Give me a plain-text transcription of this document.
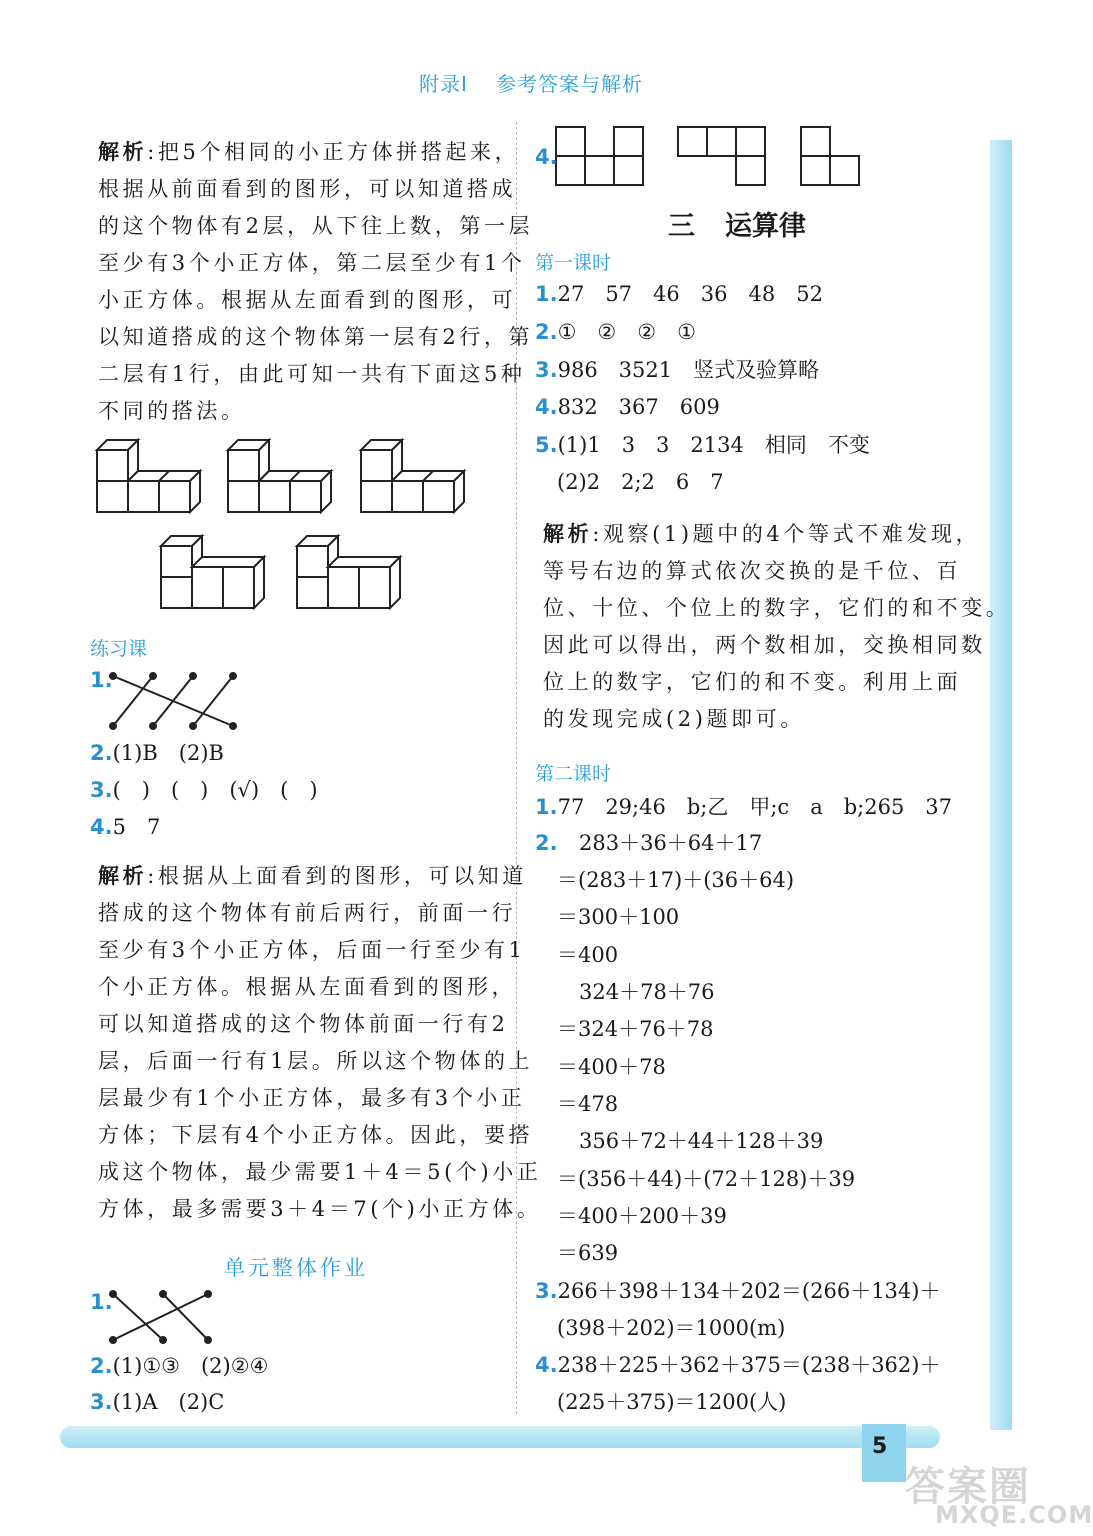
5
答案圈
MXQE.COM
附录Ⅰ 参考答案与解析
解析:把5个相同的小正方体拼搭起来，
根据从前面看到的图形，可以知道搭成
的这个物体有2层，从下往上数，第一层
至少有3个小正方体，第二层至少有1个
小正方体。根据从左面看到的图形，可
以知道搭成的这个物体第一层有2行，第
二层有1行，由此可知一共有下面这5种
不同的搭法。
练习课
1.
2.(1)B　(2)B
3.(　)　(　)　(√)　(　)
4.5　7
解析:根据从上面看到的图形，可以知道
搭成的这个物体有前后两行，前面一行
至少有3个小正方体，后面一行至少有1
个小正方体。根据从左面看到的图形，
可以知道搭成的这个物体前面一行有2
层，后面一行有1层。所以这个物体的上
层最少有1个小正方体，最多有3个小正
方体；下层有4个小正方体。因此，要搭
成这个物体，最少需要1＋4＝5(个)小正
方体，最多需要3＋4＝7(个)小正方体。
单元整体作业
1.
2.(1)①③　(2)②④
3.(1)A　(2)C
4.
三 运算律
第一课时
1.27　57　46　36　48　52
2.①　②　②　①
3.986　3521　竖式及验算略
4.832　367　609
5.(1)1　3　3　2134　相同　不变
(2)2　2;2　6　7
解析:观察(1)题中的4个等式不难发现，
等号右边的算式依次交换的是千位、百
位、十位、个位上的数字，它们的和不变。
因此可以得出，两个数相加，交换相同数
位上的数字，它们的和不变。利用上面
的发现完成(2)题即可。
第二课时
1.77　29;46　b;乙　甲;c　a　b;265　37
2. 283＋36＋64＋17
＝(283＋17)＋(36＋64)
＝300＋100
＝400
324＋78＋76
＝324＋76＋78
＝400＋78
＝478
356＋72＋44＋128＋39
＝(356＋44)＋(72＋128)＋39
＝400＋200＋39
＝639
3.266＋398＋134＋202＝(266＋134)＋
(398＋202)＝1000(m)
4.238＋225＋362＋375＝(238＋362)＋
(225＋375)＝1200(人)
